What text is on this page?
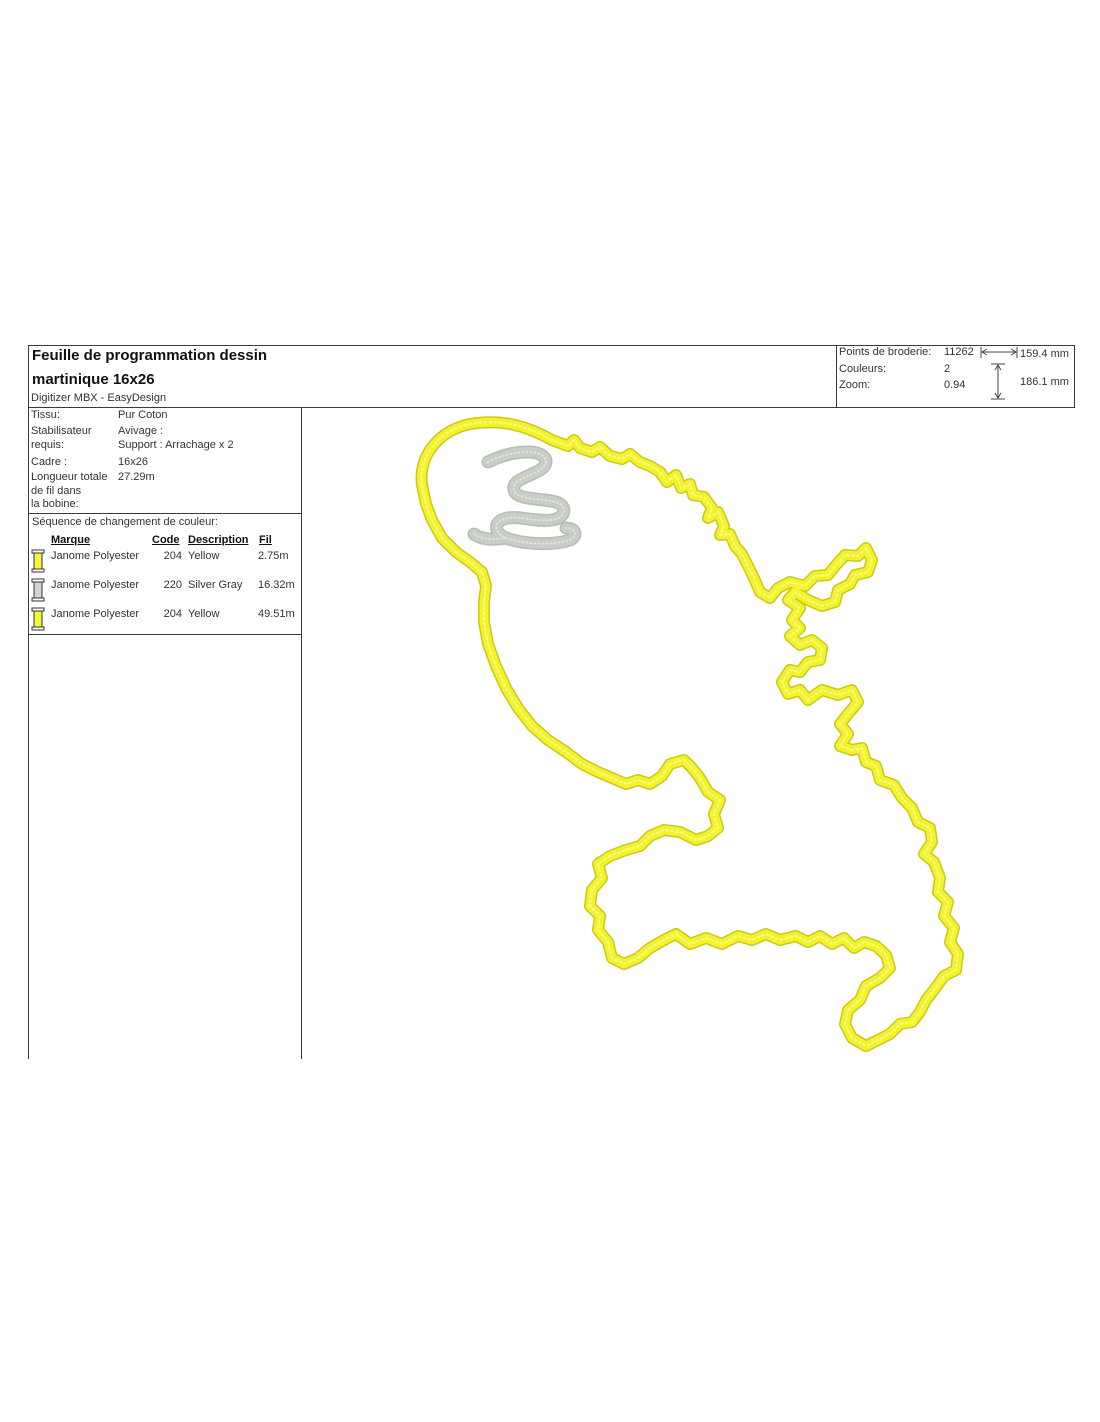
Feuille de programmation dessin
martinique 16x26
Digitizer MBX - EasyDesign
Points de broderie: 11262
Couleurs:	2
Zoom:	0.94
159.4 mm
186.1 mm
Tissu:	Pur Coton
Stabilisateur
requis:
Avivage :
Support : Arrachage x 2
Cadre :	16x26
Longueur totale
de fil dans
la bobine:
27.29m
Séquence de changement de couleur:
Marque	Code Description Fil
Janome Polyester	204 Yellow	2.75m
Janome Polyester	220 Silver Gray 16.32m
Janome Polyester	204 Yellow	49.51m
